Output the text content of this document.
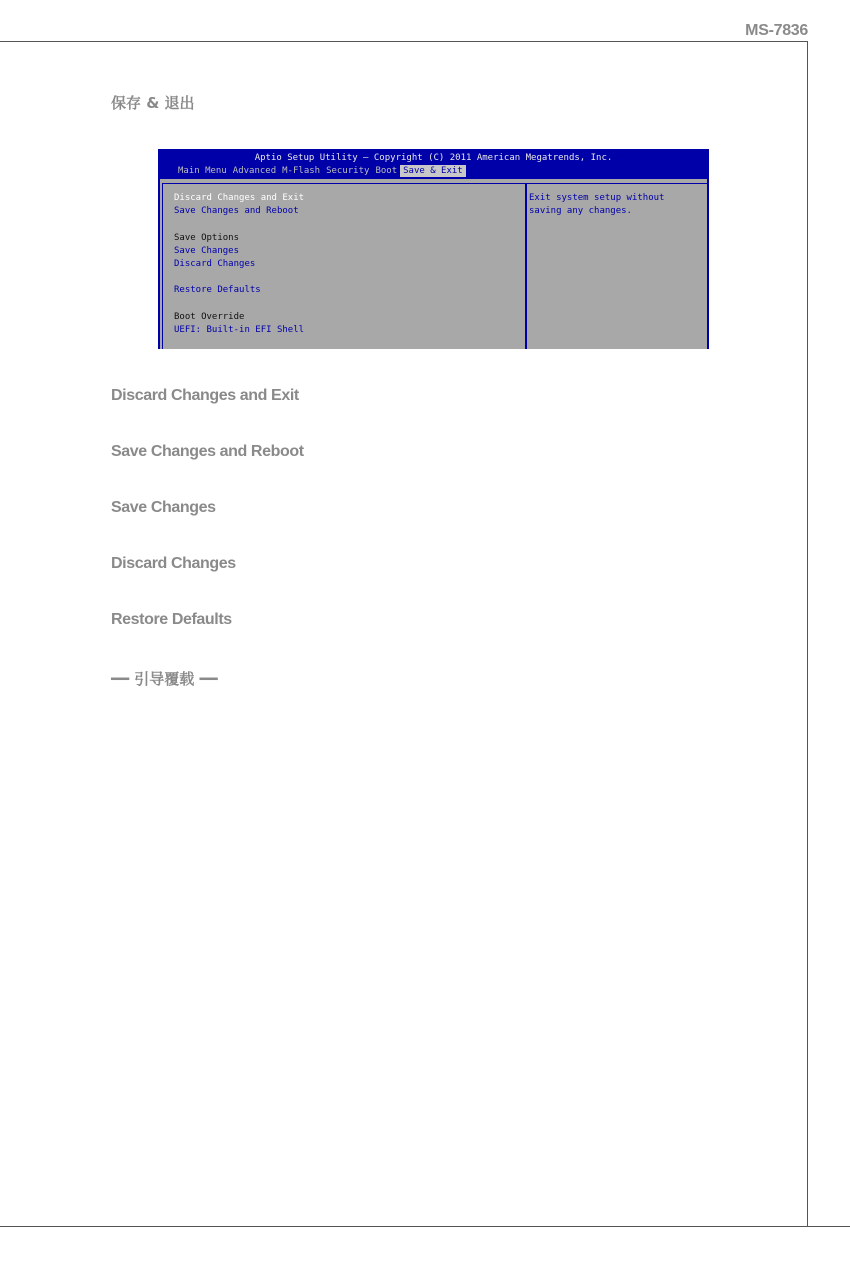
MS-7836
保存 & 退出
Aptio Setup Utility – Copyright (C) 2011 American Megatrends, Inc.
Main Menu Advanced M-Flash Security Boot Save & Exit
Discard Changes and Exit
Save Changes and Reboot
Save Options
Save Changes
Discard Changes
Restore Defaults
Boot Override
UEFI: Built-in EFI Shell
Exit system setup without
saving any changes.
Discard Changes and Exit
Save Changes and Reboot
Save Changes
Discard Changes
Restore Defaults
━━ 引导覆载 ━━
